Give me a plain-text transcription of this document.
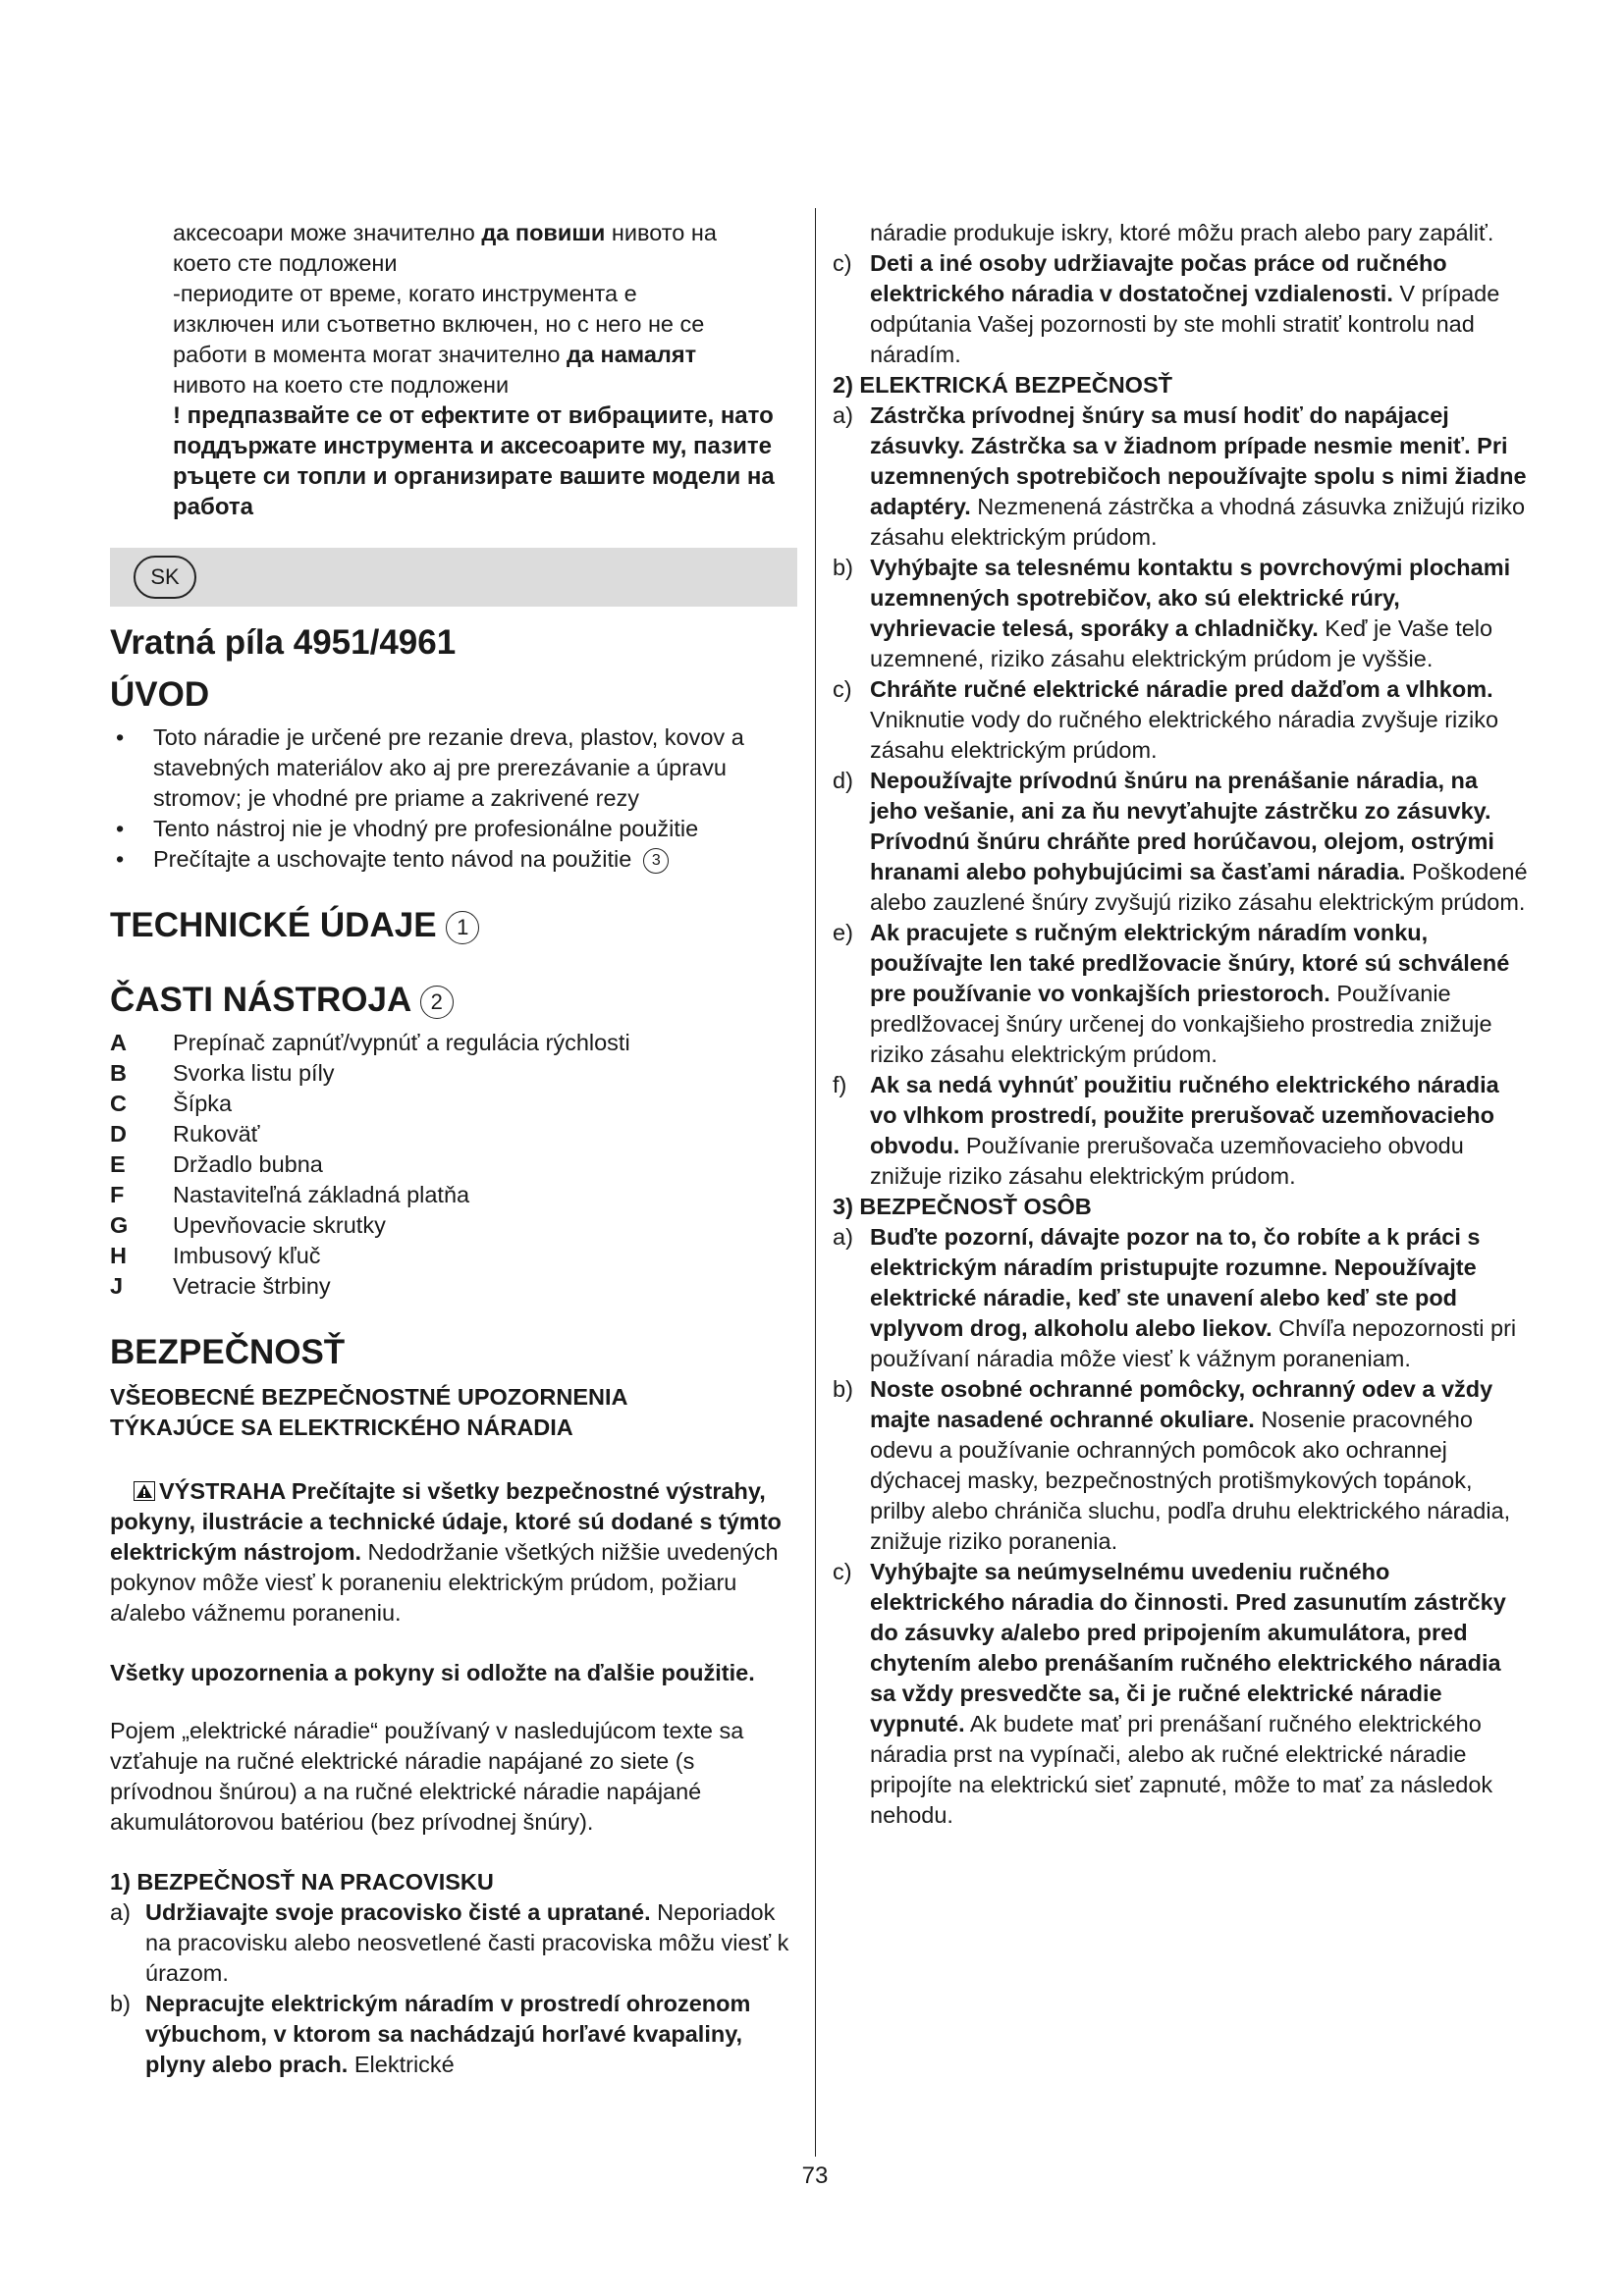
аксесоари може значително да повиши нивото на

което сте подложени

-периодите от време, когато инструмента е

изключен или съответно включен, но с него не се

работи в момента могат значително да намалят

нивото на което сте подложени

! предпазвайте се от ефектите от вибрациите, нато поддържате инструмента и аксесоарите му, пазите ръцете си топли и организирате вашите модели на работа

SK
Vratná píla 4951/4961
ÚVOD
• Toto náradie je určené pre rezanie dreva, plastov, kovov a stavebných materiálov ako aj pre prerezávanie a úpravu stromov; je vhodné pre priame a zakrivené rezy
• Tento nástroj nie je vhodný pre profesionálne použitie
• Prečítajte a uschovajte tento návod na použitie 3
TECHNICKÉ ÚDAJE 1
ČASTI NÁSTROJA 2
A	Prepínač zapnúť/vypnúť a regulácia rýchlosti
B	Svorka listu píly
C	Šípka
D	Rukoväť
E	Držadlo bubna
F	Nastaviteľná základná platňa
G	Upevňovacie skrutky
H	Imbusový kľuč
J	Vetracie štrbiny
BEZPEČNOSŤ

VŠEOBECNÉ BEZPEČNOSTNÉ UPOZORNENIA

TÝKAJÚCE SA ELEKTRICKÉHO NÁRADIA

VÝSTRAHA Prečítajte si všetky bezpečnostné výstrahy, pokyny, ilustrácie a technické údaje, ktoré sú dodané s týmto elektrickým nástrojom. Nedodržanie všetkých nižšie uvedených pokynov môže viesť k poraneniu elektrickým prúdom, požiaru a/alebo vážnemu poraneniu.

Všetky upozornenia a pokyny si odložte na ďalšie použitie.

Pojem „elektrické náradie“ používaný v nasledujúcom texte sa vzťahuje na ručné elektrické náradie napájané zo siete (s prívodnou šnúrou) a na ručné elektrické náradie napájané akumulátorovou batériou (bez prívodnej šnúry).

1) BEZPEČNOSŤ NA PRACOVISKU

a) Udržiavajte svoje pracovisko čisté a upratané. Neporiadok na pracovisku alebo neosvetlené časti pracoviska môžu viesť k úrazom.
b) Nepracujte elektrickým náradím v prostredí ohrozenom výbuchom, v ktorom sa nachádzajú horľavé kvapaliny, plyny alebo prach. Elektrické

náradie produkuje iskry, ktoré môžu prach alebo pary zapáliť.

c) Deti a iné osoby udržiavajte počas práce od ručného elektrického náradia v dostatočnej vzdialenosti. V prípade odpútania Vašej pozornosti by ste mohli stratiť kontrolu nad náradím.

2) ELEKTRICKÁ BEZPEČNOSŤ

a) Zástrčka prívodnej šnúry sa musí hodiť do napájacej zásuvky. Zástrčka sa v žiadnom prípade nesmie meniť. Pri uzemnených spotrebičoch nepoužívajte spolu s nimi žiadne adaptéry. Nezmenená zástrčka a vhodná zásuvka znižujú riziko zásahu elektrickým prúdom.
b) Vyhýbajte sa telesnému kontaktu s povrchovými plochami uzemnených spotrebičov, ako sú elektrické rúry, vyhrievacie telesá, sporáky a chladničky. Keď je Vaše telo uzemnené, riziko zásahu elektrickým prúdom je vyššie.
c) Chráňte ručné elektrické náradie pred dažďom a vlhkom. Vniknutie vody do ručného elektrického náradia zvyšuje riziko zásahu elektrickým prúdom.
d) Nepoužívajte prívodnú šnúru na prenášanie náradia, na jeho vešanie, ani za ňu nevyťahujte zástrčku zo zásuvky. Prívodnú šnúru chráňte pred horúčavou, olejom, ostrými hranami alebo pohybujúcimi sa časťami náradia. Poškodené alebo zauzlené šnúry zvyšujú riziko zásahu elektrickým prúdom.
e) Ak pracujete s ručným elektrickým náradím vonku, používajte len také predlžovacie šnúry, ktoré sú schválené pre používanie vo vonkajších priestoroch. Používanie predlžovacej šnúry určenej do vonkajšieho prostredia znižuje riziko zásahu elektrickým prúdom.
f) Ak sa nedá vyhnúť použitiu ručného elektrického náradia vo vlhkom prostredí, použite prerušovač uzemňovacieho obvodu. Používanie prerušovača uzemňovacieho obvodu znižuje riziko zásahu elektrickým prúdom.

3) BEZPEČNOSŤ OSÔB

a) Buďte pozorní, dávajte pozor na to, čo robíte a k práci s elektrickým náradím pristupujte rozumne. Nepoužívajte elektrické náradie, keď ste unavení alebo keď ste pod vplyvom drog, alkoholu alebo liekov. Chvíľa nepozornosti pri používaní náradia môže viesť k vážnym poraneniam.
b) Noste osobné ochranné pomôcky, ochranný odev a vždy majte nasadené ochranné okuliare. Nosenie pracovného odevu a používanie ochranných pomôcok ako ochrannej dýchacej masky, bezpečnostných protišmykových topánok, prilby alebo chrániča sluchu, podľa druhu elektrického náradia, znižuje riziko poranenia.
c) Vyhýbajte sa neúmyselnému uvedeniu ručného elektrického náradia do činnosti. Pred zasunutím zástrčky do zásuvky a/alebo pred pripojením akumulátora, pred chytením alebo prenášaním ručného elektrického náradia sa vždy presvedčte sa, či je ručné elektrické náradie vypnuté. Ak budete mať pri prenášaní ručného elektrického náradia prst na vypínači, alebo ak ručné elektrické náradie pripojíte na elektrickú sieť zapnuté, môže to mať za následok nehodu.
73
